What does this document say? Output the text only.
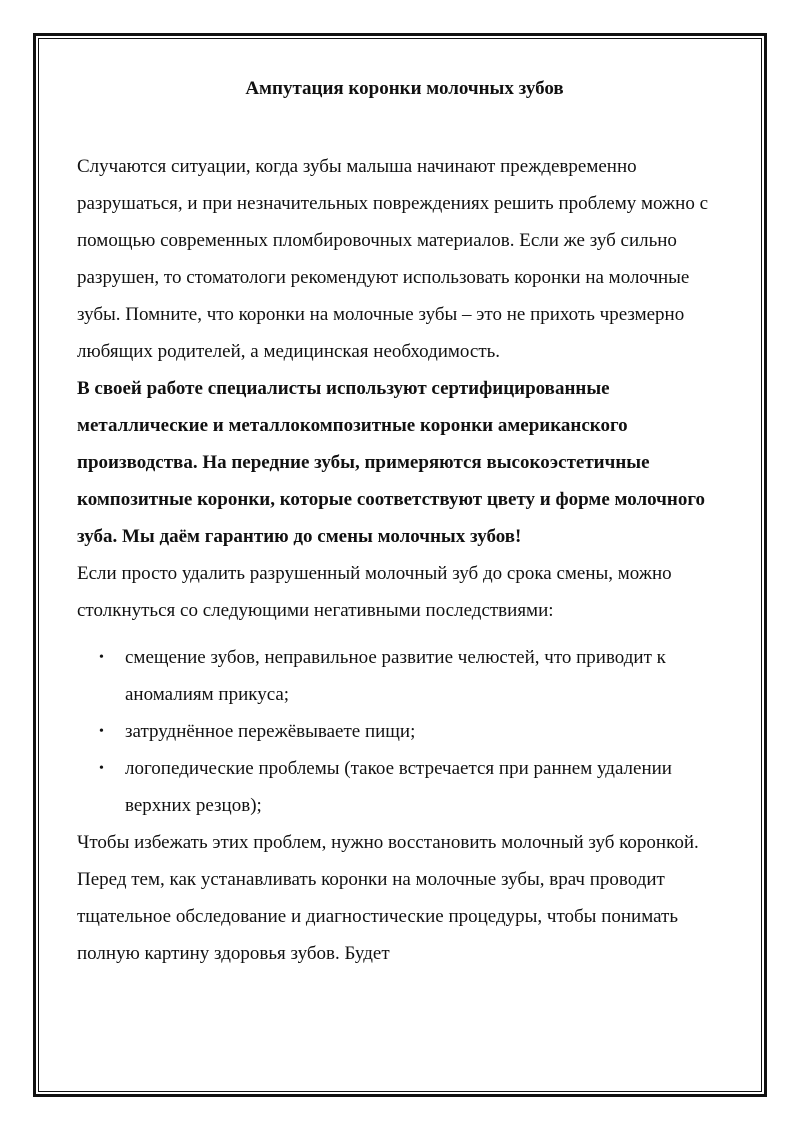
Ампутация коронки молочных зубов

Случаются ситуации, когда зубы малыша начинают преждевременно разрушаться, и при незначительных повреждениях решить проблему можно с помощью современных пломбировочных материалов. Если же зуб сильно разрушен, то стоматологи рекомендуют использовать коронки на молочные зубы. Помните, что коронки на молочные зубы – это не прихоть чрезмерно любящих родителей, а медицинская необходимость.

В своей работе специалисты используют сертифицированные металлические и металлокомпозитные коронки американского производства. На передние зубы, примеряются высокоэстетичные композитные коронки, которые соответствуют цвету и форме молочного зуба. Мы даём гарантию до смены молочных зубов!

Если просто удалить разрушенный молочный зуб до срока смены, можно столкнуться со следующими негативными последствиями:

• смещение зубов, неправильное развитие челюстей, что приводит к аномалиям прикуса;
• затруднённое пережёвываете пищи;
• логопедические проблемы (такое встречается при раннем удалении верхних резцов);

Чтобы избежать этих проблем, нужно восстановить молочный зуб коронкой. Перед тем, как устанавливать коронки на молочные зубы, врач проводит тщательное обследование и диагностические процедуры, чтобы понимать полную картину здоровья зубов. Будет
